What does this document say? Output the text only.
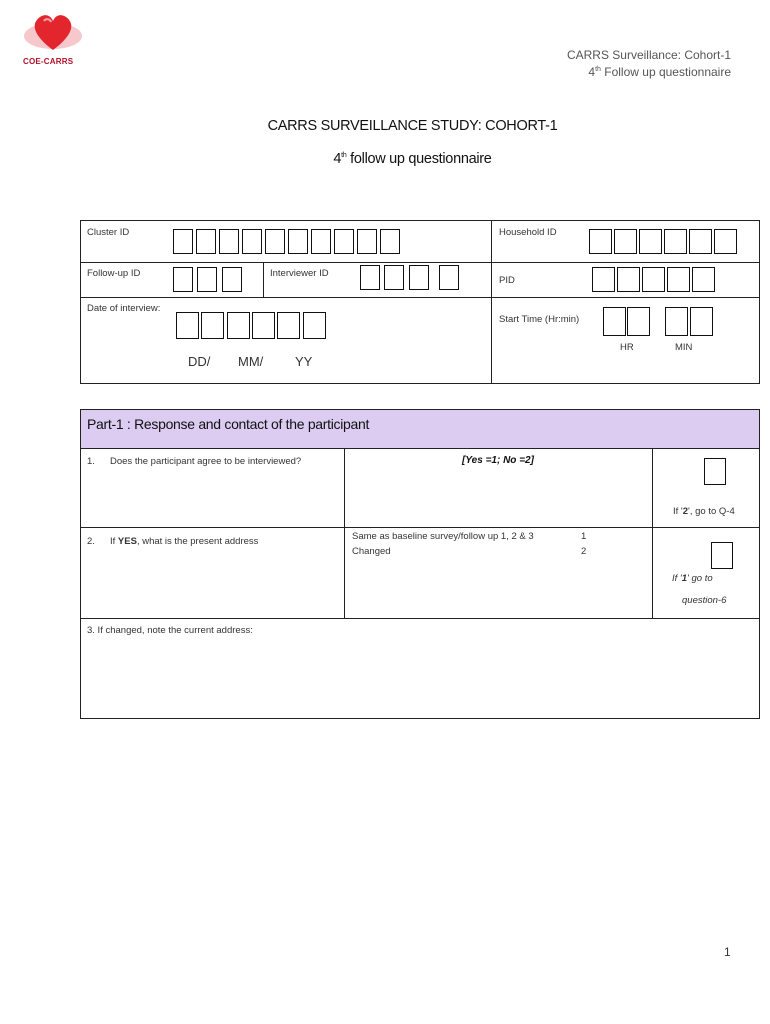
COE-CARRS	CARRS Surveillance: Cohort-1
4th Follow up questionnaire
CARRS SURVEILLANCE STUDY: COHORT-1
4th follow up questionnaire
Cluster ID	Household ID
Follow-up ID	Interviewer ID
PID
Date of interview:
Start Time (Hr:min)
HR	MIN
DD/ MM/ YY
Part-1 : Response and contact of the participant
1. Does the participant agree to be interviewed?	[Yes =1; No =2]
If '2', go to Q-4
2. If YES, what is the present address	Same as baseline survey/follow up 1, 2 & 3	1
Changed	2
If '1' go to
question-6
3. If changed, note the current address:
1
